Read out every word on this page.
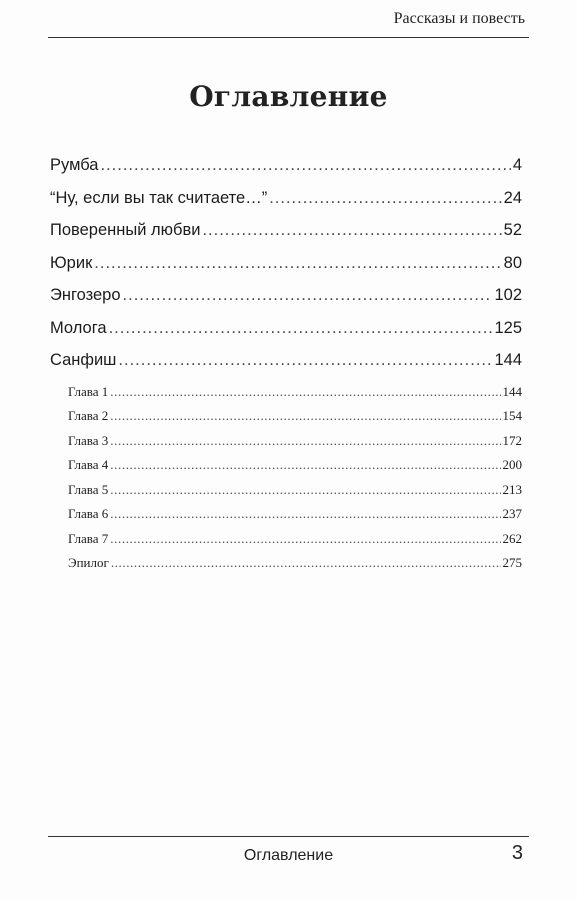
Рассказы и повесть
Оглавление
Румба .....	4
“Ну, если вы так считаете…” .....	24
Поверенный любви .....	52
Юрик .....	80
Энгозеро .....	102
Молога .....	125
Санфиш .....	144
Глава 1 .....	144
Глава 2 .....	154
Глава 3 .....	172
Глава 4 .....	200
Глава 5 .....	213
Глава 6 .....	237
Глава 7 .....	262
Эпилог .....	275
Оглавление	3
